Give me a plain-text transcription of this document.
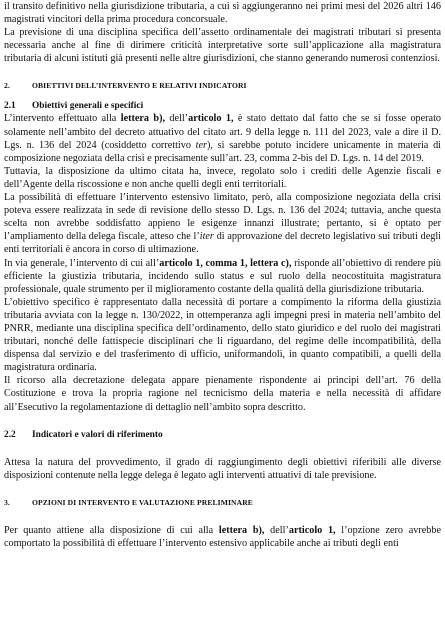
il transito definitivo nella giurisdizione tributaria, a cui si aggiungeranno nei primi mesi del 2026 altri 146 magistrati vincitori della prima procedura concorsuale.

La previsione di una disciplina specifica dell’assetto ordinamentale dei magistrati tributari si presenta necessaria anche al fine di dirimere criticità interpretative sorte sull’applicazione alla magistratura tributaria di alcuni istituti già presenti nelle altre giurisdizioni, che stanno generando numerosi contenziosi.

2.	OBIETTIVI DELL’INTERVENTO E RELATIVI INDICATORI
2.1	Obiettivi generali e specifici

L’intervento effettuato alla lettera b), dell’articolo 1, è stato dettato dal fatto che se si fosse operato solamente nell’ambito del decreto attuativo del citato art. 9 della legge n. 111 del 2023, vale a dire il D. Lgs. n. 136 del 2024 (cosiddetto correttivo ter), si sarebbe potuto incidere unicamente in materia di composizione negoziata della crisi e precisamente sull’art. 23, comma 2-bis del D. Lgs. n. 14 del 2019.

Tuttavia, la disposizione da ultimo citata ha, invece, regolato solo i crediti delle Agenzie fiscali e dell’Agente della riscossione e non anche quelli degli enti territoriali.

La possibilità di effettuare l’intervento estensivo limitato, però, alla composizione negoziata della crisi poteva essere realizzata in sede di revisione dello stesso D. Lgs. n. 136 del 2024; tuttavia, anche questa scelta non avrebbe soddisfatto appieno le esigenze innanzi illustrate; pertanto, si è optato per l’ampliamento della delega fiscale, atteso che l’iter di approvazione del decreto legislativo sui tributi degli enti territoriali è ancora in corso di ultimazione.

In via generale, l’intervento di cui all’articolo 1, comma 1, lettera c), risponde all’obiettivo di rendere più efficiente la giustizia tributaria, incidendo sullo status e sul ruolo della neocostituita magistratura professionale, quale strumento per il miglioramento costante della qualità della giurisdizione tributaria.

L’obiettivo specifico è rappresentato dalla necessità di portare a compimento la riforma della giustizia tributaria avviata con la legge n. 130/2022, in ottemperanza agli impegni presi in materia nell’ambito del PNRR, mediante una disciplina specifica dell’ordinamento, dello stato giuridico e del ruolo dei magistrati tributari, nonché delle fattispecie disciplinari che li riguardano, del regime delle incompatibilità, della dispensa dal servizio e del trasferimento di ufficio, uniformandoli, in quanto compatibili, a quelli della magistratura ordinaria.

Il ricorso alla decretazione delegata appare pienamente rispondente ai principi dell’art. 76 della Costituzione e trova la propria ragione nel tecnicismo della materia e nella necessità di affidare all’Esecutivo la regolamentazione di dettaglio nell’ambito sopra descritto.

2.2	Indicatori e valori di riferimento

Attesa la natura del provvedimento, il grado di raggiungimento degli obiettivi riferibili alle diverse disposizioni contenute nella legge delega è legato agli interventi attuativi di tale previsione.

3.	OPZIONI DI INTERVENTO E VALUTAZIONE PRELIMINARE

Per quanto attiene alla disposizione di cui alla lettera b), dell’articolo 1, l’opzione zero avrebbe comportato la possibilità di effettuare l’intervento estensivo applicabile anche ai tributi degli enti
